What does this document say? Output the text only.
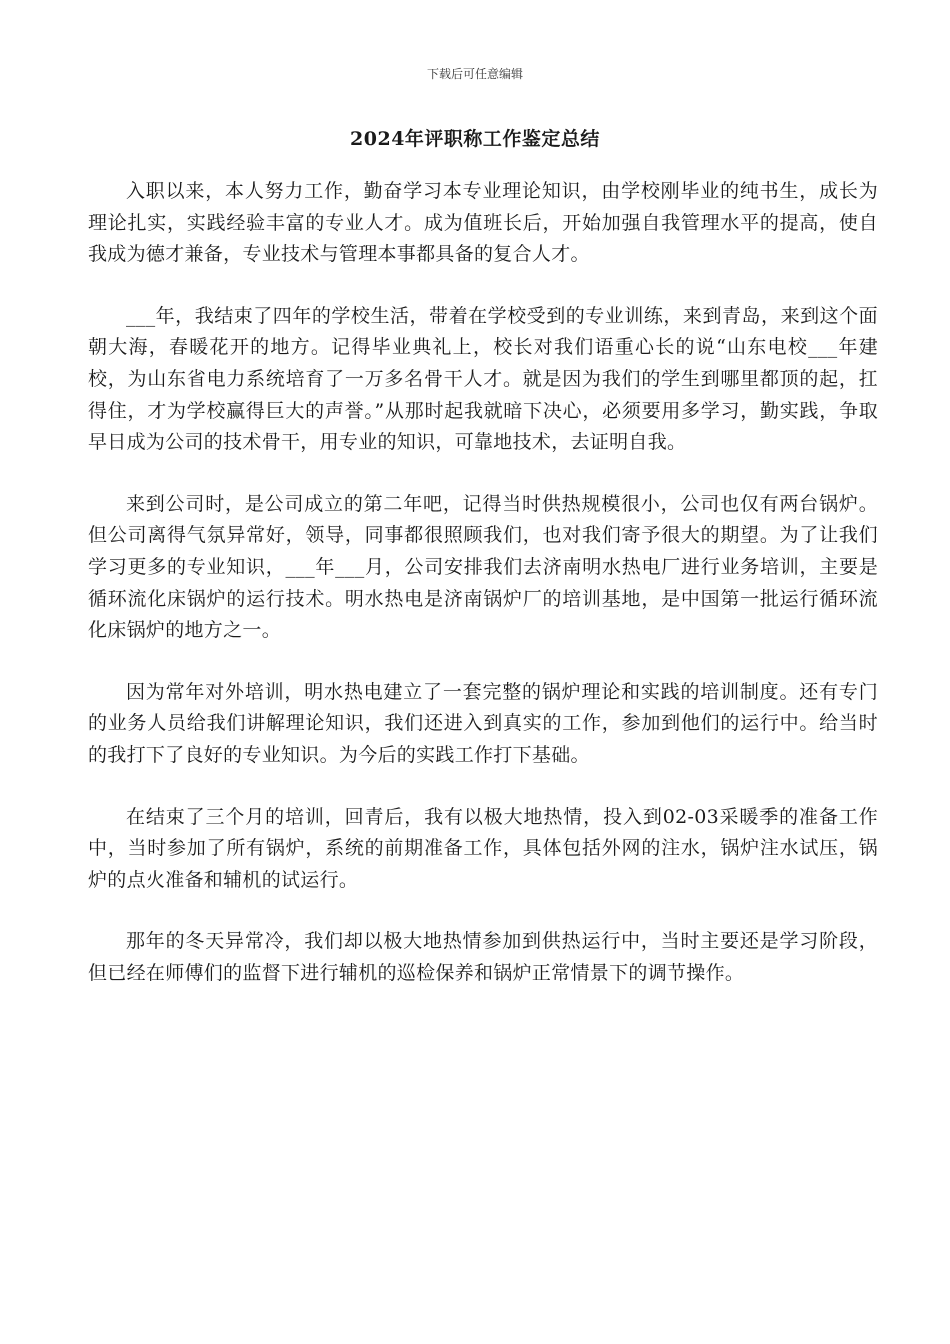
下载后可任意编辑
2024年评职称工作鉴定总结

入职以来，本人努力工作，勤奋学习本专业理论知识，由学校刚毕业的纯书生，成长为理论扎实，实践经验丰富的专业人才。成为值班长后，开始加强自我管理水平的提高，使自我成为德才兼备，专业技术与管理本事都具备的复合人才。

___年，我结束了四年的学校生活，带着在学校受到的专业训练，来到青岛，来到这个面朝大海，春暖花开的地方。记得毕业典礼上，校长对我们语重心长的说“山东电校___年建校，为山东省电力系统培育了一万多名骨干人才。就是因为我们的学生到哪里都顶的起，扛得住，才为学校赢得巨大的声誉。”从那时起我就暗下决心，必须要用多学习，勤实践，争取早日成为公司的技术骨干，用专业的知识，可靠地技术，去证明自我。

来到公司时，是公司成立的第二年吧，记得当时供热规模很小，公司也仅有两台锅炉。但公司离得气氛异常好，领导，同事都很照顾我们，也对我们寄予很大的期望。为了让我们学习更多的专业知识，___年___月，公司安排我们去济南明水热电厂进行业务培训，主要是循环流化床锅炉的运行技术。明水热电是济南锅炉厂的培训基地，是中国第一批运行循环流化床锅炉的地方之一。

因为常年对外培训，明水热电建立了一套完整的锅炉理论和实践的培训制度。还有专门的业务人员给我们讲解理论知识，我们还进入到真实的工作，参加到他们的运行中。给当时的我打下了良好的专业知识。为今后的实践工作打下基础。

在结束了三个月的培训，回青后，我有以极大地热情，投入到02-03采暖季的准备工作中，当时参加了所有锅炉，系统的前期准备工作，具体包括外网的注水，锅炉注水试压，锅炉的点火准备和辅机的试运行。

那年的冬天异常冷，我们却以极大地热情参加到供热运行中，当时主要还是学习阶段，但已经在师傅们的监督下进行辅机的巡检保养和锅炉正常情景下的调节操作。
